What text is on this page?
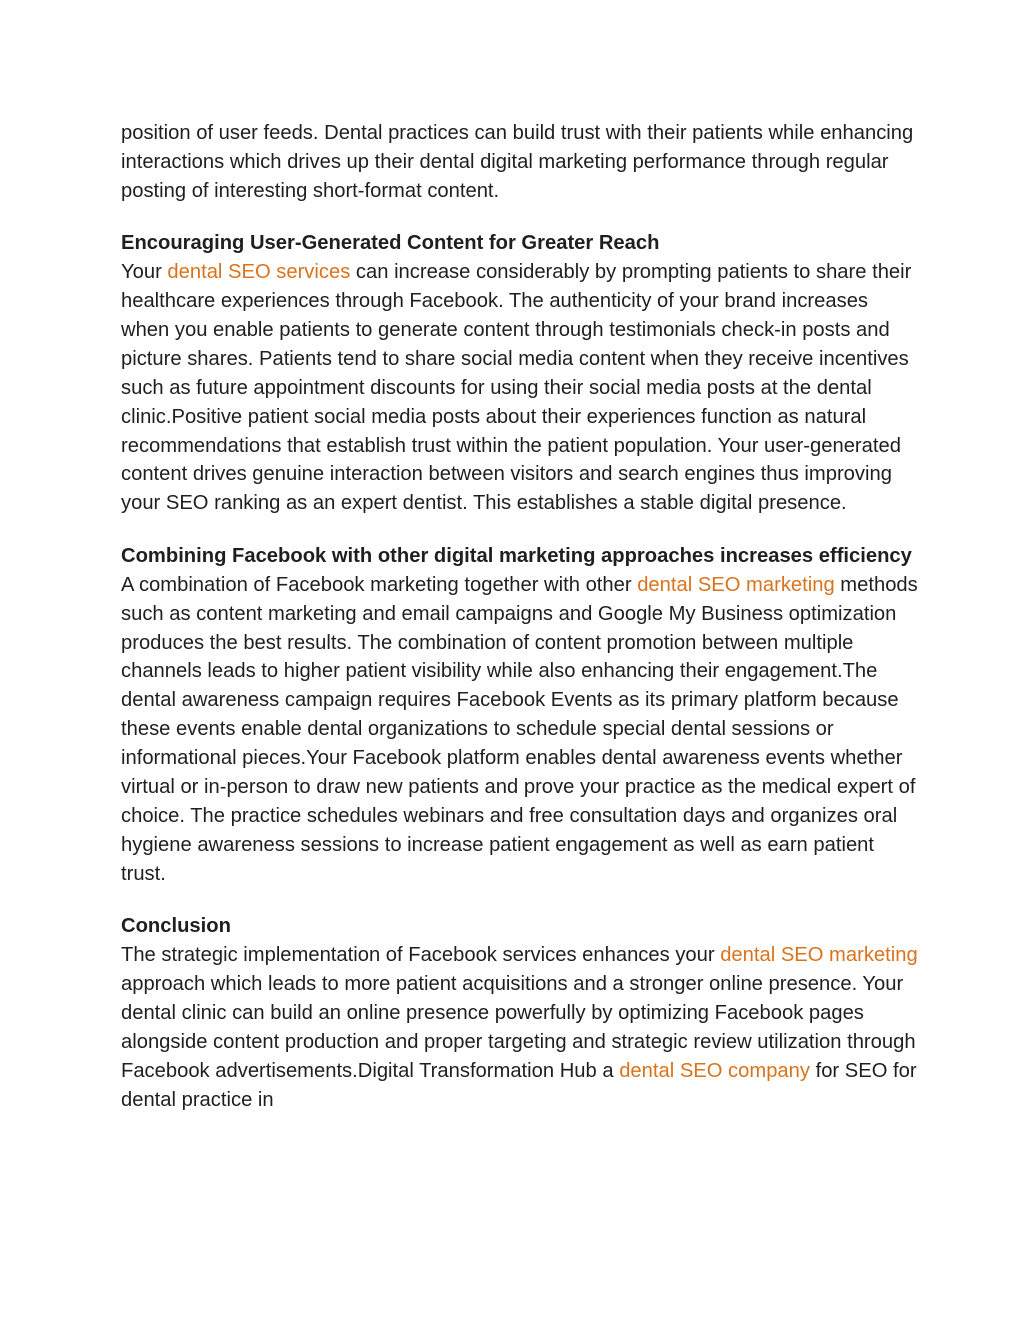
position of user feeds. Dental practices can build trust with their patients while enhancing interactions which drives up their dental digital marketing performance through regular posting of interesting short-format content.

Encouraging User-Generated Content for Greater Reach

Your dental SEO services can increase considerably by prompting patients to share their healthcare experiences through Facebook. The authenticity of your brand increases when you enable patients to generate content through testimonials check-in posts and picture shares. Patients tend to share social media content when they receive incentives such as future appointment discounts for using their social media posts at the dental clinic.Positive patient social media posts about their experiences function as natural recommendations that establish trust within the patient population. Your user-generated content drives genuine interaction between visitors and search engines thus improving your SEO ranking as an expert dentist. This establishes a stable digital presence.

Combining Facebook with other digital marketing approaches increases efficiency

A combination of Facebook marketing together with other dental SEO marketing methods such as content marketing and email campaigns and Google My Business optimization produces the best results. The combination of content promotion between multiple channels leads to higher patient visibility while also enhancing their engagement.The dental awareness campaign requires Facebook Events as its primary platform because these events enable dental organizations to schedule special dental sessions or informational pieces.Your Facebook platform enables dental awareness events whether virtual or in-person to draw new patients and prove your practice as the medical expert of choice. The practice schedules webinars and free consultation days and organizes oral hygiene awareness sessions to increase patient engagement as well as earn patient trust.

Conclusion

The strategic implementation of Facebook services enhances your dental SEO marketing approach which leads to more patient acquisitions and a stronger online presence. Your dental clinic can build an online presence powerfully by optimizing Facebook pages alongside content production and proper targeting and strategic review utilization through Facebook advertisements.Digital Transformation Hub a dental SEO company for SEO for dental practice in
